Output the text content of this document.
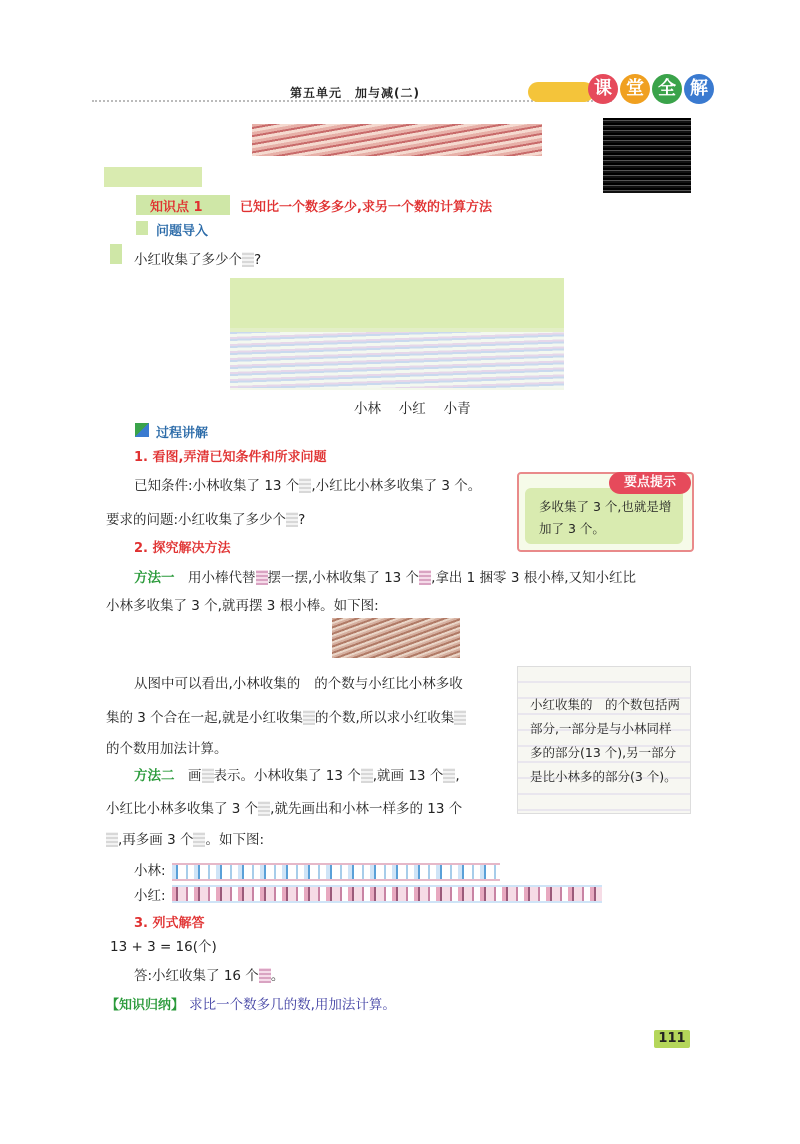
第五单元　加与减(二)	课 堂 全 解
知识点 1	已知比一个数多多少,求另一个数的计算方法
问题导入
小红收集了多少个 ?
小林　 小红　 小青
过程讲解
1. 看图,弄清已知条件和所求问题
已知条件:小林收集了 13 个 ,小红比小林多收集了 3 个。
要求的问题:小红收集了多少个 ?
要点提示
多收集了 3 个,也就是增加了 3 个。
2. 探究解决方法
方法一　用小棒代替 摆一摆,小林收集了 13 个 ,拿出 1 捆零 3 根小棒,又知小红比
小林多收集了 3 个,就再摆 3 根小棒。如下图:
从图中可以看出,小林收集的 的个数与小红比小林多收
集的 3 个合在一起,就是小红收集 的个数,所以求小红收集
的个数用加法计算。
小红收集的　的个数包括两部分,一部分是与小林同样多的部分(13 个),另一部分是比小林多的部分(3 个)。
方法二　画 表示。小林收集了 13 个 ,就画 13 个 ,
小红比小林多收集了 3 个 ,就先画出和小林一样多的 13 个
,再多画 3 个 。如下图:
小林:
小红:
3. 列式解答
13 + 3 = 16(个)
答:小红收集了 16 个 。
【知识归纳】 求比一个数多几的数,用加法计算。
111
